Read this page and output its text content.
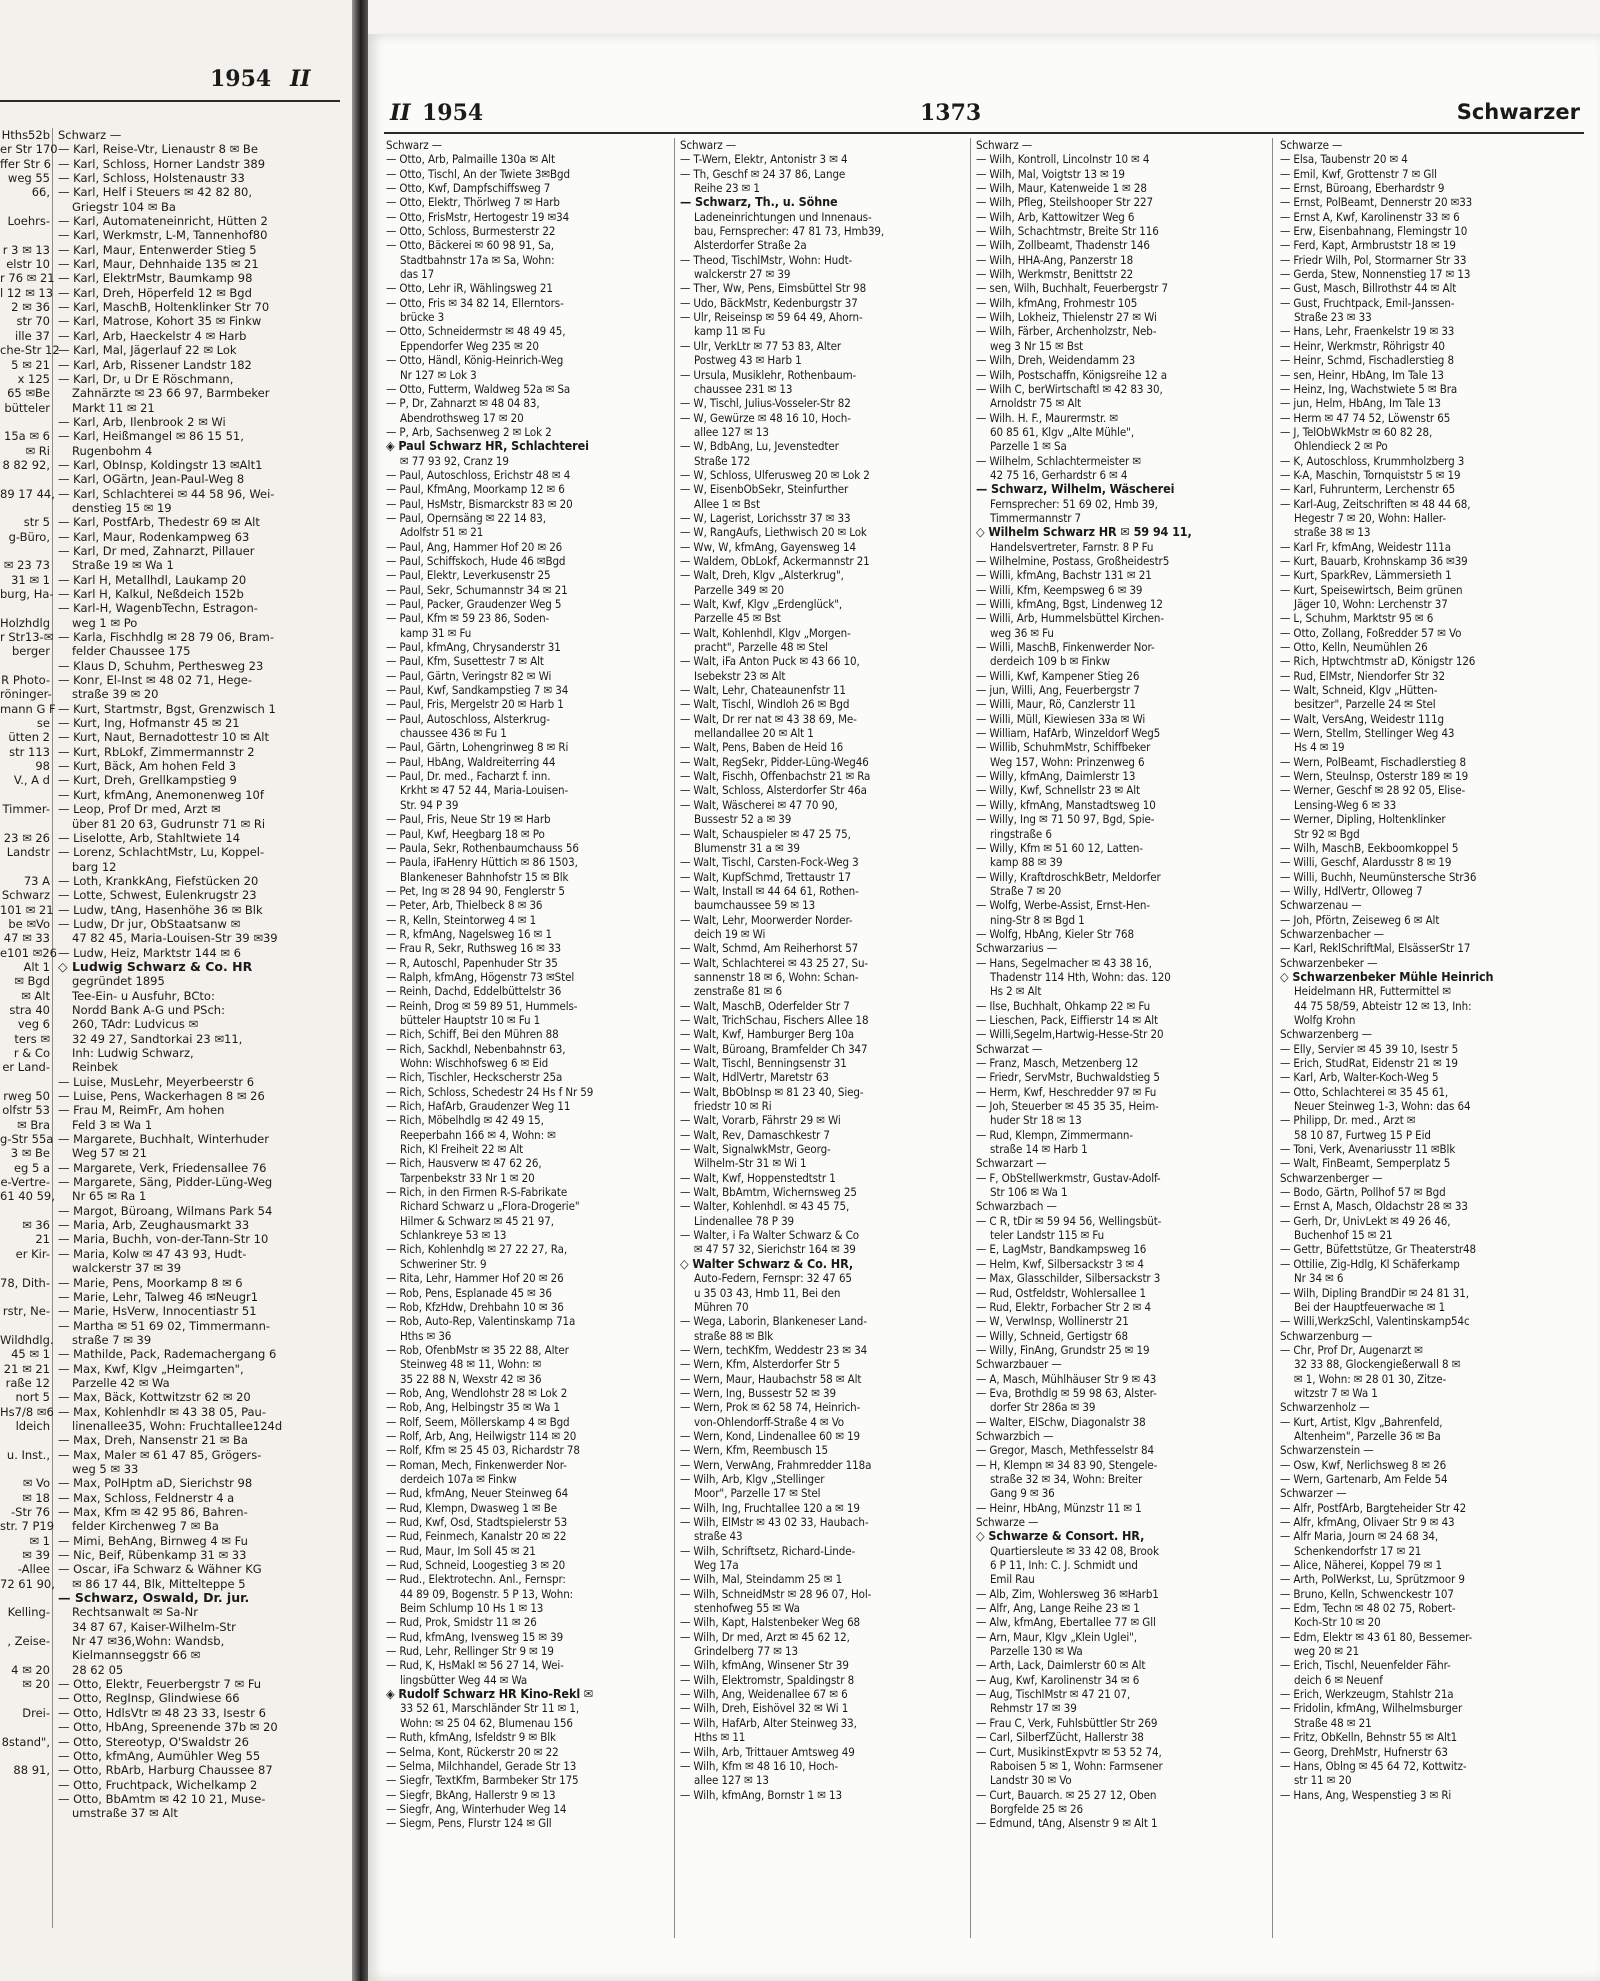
1954 II
Hths52b
er Str 170
ffer Str 6
weg 55
66,
Loehrs-
r 3 ✉ 13
elstr 10
r 76 ✉ 21
l 12 ✉ 13
2 ✉ 36
str 70
ille 37
che-Str 12
5 ✉ 21
x 125
65 ✉Be
bütteler
15a ✉ 6
✉ Ri
8 82 92,
89 17 44,
str 5
g-Büro,
✉ 23 73
31 ✉ 1
burg, Ha-
Holzhdlg
r Str13-✉
berger
R Photo-
röninger-
mann G F
se
ütten 2
str 113
98
V., A d
Timmer-
23 ✉ 26
Landstr
73 A
Schwarz
101 ✉ 21
be ✉Vo
47 ✉ 33
e101 ✉26
Alt 1
✉ Bgd
✉ Alt
stra 40
veg 6
ters ✉
r & Co
er Land-
rweg 50
olfstr 53
✉ Bra
g-Str 55a
3 ✉ Be
eg 5 a
e-Vertre-
61 40 59,
✉ 36
21
er Kir-
78, Dith-
rstr, Ne-
Wildhdlg.
45 ✉ 1
21 ✉ 21
raße 12
nort 5
Hs7/8 ✉6
ldeich
u. Inst.,
✉ Vo
✉ 18
-Str 76
str. 7 P19
✉ 1
✉ 39
-Allee
72 61 90,
Kelling-
, Zeise-
4 ✉ 20
✉ 20
Drei-
8stand",
88 91,
Schwarz —
— Karl, Reise-Vtr, Lienaustr 8 ✉ Be
— Karl, Schloss, Horner Landstr 389
— Karl, Schloss, Holstenaustr 33
— Karl, Helf i Steuers ✉ 42 82 80,
Griegstr 104 ✉ Ba
— Karl, Automateneinricht, Hütten 2
— Karl, Werkmstr, L-M, Tannenhof80
— Karl, Maur, Entenwerder Stieg 5
— Karl, Maur, Dehnhaide 135 ✉ 21
— Karl, ElektrMstr, Baumkamp 98
— Karl, Dreh, Höperfeld 12 ✉ Bgd
— Karl, MaschB, Holtenklinker Str 70
— Karl, Matrose, Kohort 35 ✉ Finkw
— Karl, Arb, Haeckelstr 4 ✉ Harb
— Karl, Mal, Jägerlauf 22 ✉ Lok
— Karl, Arb, Rissener Landstr 182
— Karl, Dr, u Dr E Röschmann,
Zahnärzte ✉ 23 66 97, Barmbeker
Markt 11 ✉ 21
— Karl, Arb, Ilenbrook 2 ✉ Wi
— Karl, Heißmangel ✉ 86 15 51,
Rugenbohm 4
— Karl, ObInsp, Koldingstr 13 ✉Alt1
— Karl, OGärtn, Jean-Paul-Weg 8
— Karl, Schlachterei ✉ 44 58 96, Wei-
denstieg 15 ✉ 19
— Karl, PostfArb, Thedestr 69 ✉ Alt
— Karl, Maur, Rodenkampweg 63
— Karl, Dr med, Zahnarzt, Pillauer
Straße 19 ✉ Wa 1
— Karl H, Metallhdl, Laukamp 20
— Karl H, Kalkul, Neßdeich 152b
— Karl-H, WagenbTechn, Estragon-
weg 1 ✉ Po
— Karla, Fischhdlg ✉ 28 79 06, Bram-
felder Chaussee 175
— Klaus D, Schuhm, Perthesweg 23
— Konr, El-Inst ✉ 48 02 71, Hege-
straße 39 ✉ 20
— Kurt, Startmstr, Bgst, Grenzwisch 1
— Kurt, Ing, Hofmanstr 45 ✉ 21
— Kurt, Naut, Bernadottestr 10 ✉ Alt
— Kurt, RbLokf, Zimmermannstr 2
— Kurt, Bäck, Am hohen Feld 3
— Kurt, Dreh, Grellkampstieg 9
— Kurt, kfmAng, Anemonenweg 10f
— Leop, Prof Dr med, Arzt ✉
über 81 20 63, Gudrunstr 71 ✉ Ri
— Liselotte, Arb, Stahltwiete 14
— Lorenz, SchlachtMstr, Lu, Koppel-
barg 12
— Loth, KrankkAng, Fiefstücken 20
— Lotte, Schwest, Eulenkrugstr 23
— Ludw, tAng, Hasenhöhe 36 ✉ Blk
— Ludw, Dr jur, ObStaatsanw ✉
47 82 45, Maria-Louisen-Str 39 ✉39
— Ludw, Heiz, Marktstr 144 ✉ 6
◇ Ludwig Schwarz & Co. HR
gegründet 1895
Tee-Ein- u Ausfuhr, BCto:
Nordd Bank A-G und PSch:
260, TAdr: Ludvicus ✉
32 49 27, Sandtorkai 23 ✉11,
Inh: Ludwig Schwarz,
Reinbek
— Luise, MusLehr, Meyerbeerstr 6
— Luise, Pens, Wackerhagen 8 ✉ 26
— Frau M, ReimFr, Am hohen
Feld 3 ✉ Wa 1
— Margarete, Buchhalt, Winterhuder
Weg 57 ✉ 21
— Margarete, Verk, Friedensallee 76
— Margarete, Säng, Pidder-Lüng-Weg
Nr 65 ✉ Ra 1
— Margot, Büroang, Wilmans Park 54
— Maria, Arb, Zeughausmarkt 33
— Maria, Buchh, von-der-Tann-Str 10
— Maria, Kolw ✉ 47 43 93, Hudt-
walckerstr 37 ✉ 39
— Marie, Pens, Moorkamp 8 ✉ 6
— Marie, Lehr, Talweg 46 ✉Neugr1
— Marie, HsVerw, Innocentiastr 51
— Martha ✉ 51 69 02, Timmermann-
straße 7 ✉ 39
— Mathilde, Pack, Rademachergang 6
— Max, Kwf, Klgv „Heimgarten",
Parzelle 42 ✉ Wa
— Max, Bäck, Kottwitzstr 62 ✉ 20
— Max, Kohlenhdlr ✉ 43 38 05, Pau-
linenallee35, Wohn: Fruchtallee124d
— Max, Dreh, Nansenstr 21 ✉ Ba
— Max, Maler ✉ 61 47 85, Grögers-
weg 5 ✉ 33
— Max, PolHptm aD, Sierichstr 98
— Max, Schloss, Feldnerstr 4 a
— Max, Kfm ✉ 42 95 86, Bahren-
felder Kirchenweg 7 ✉ Ba
— Mimi, BehAng, Birnweg 4 ✉ Fu
— Nic, Beif, Rübenkamp 31 ✉ 33
— Oscar, iFa Schwarz & Wähner KG
✉ 86 17 44, Blk, Mittelteppe 5
— Schwarz, Oswald, Dr. jur.
Rechtsanwalt ✉ Sa-Nr
34 87 67, Kaiser-Wilhelm-Str
Nr 47 ✉36,Wohn: Wandsb,
Kielmannseggstr 66 ✉
28 62 05
— Otto, Elektr, Feuerbergstr 7 ✉ Fu
— Otto, RegInsp, Glindwiese 66
— Otto, HdlsVtr ✉ 48 23 33, Isestr 6
— Otto, HbAng, Spreenende 37b ✉ 20
— Otto, Stereotyp, O'Swaldstr 26
— Otto, kfmAng, Aumühler Weg 55
— Otto, RbArb, Harburg Chaussee 87
— Otto, Fruchtpack, Wichelkamp 2
— Otto, BbAmtm ✉ 42 10 21, Muse-
umstraße 37 ✉ Alt
II 1954	1373	Schwarzer
Schwarz —
— Otto, Arb, Palmaille 130a ✉ Alt
— Otto, Tischl, An der Twiete 3✉Bgd
— Otto, Kwf, Dampfschiffsweg 7
— Otto, Elektr, Thörlweg 7 ✉ Harb
— Otto, FrisMstr, Hertogestr 19 ✉34
— Otto, Schloss, Burmesterstr 22
— Otto, Bäckerei ✉ 60 98 91, Sa,
Stadtbahnstr 17a ✉ Sa, Wohn:
das 17
— Otto, Lehr iR, Wählingsweg 21
— Otto, Fris ✉ 34 82 14, Ellerntors-
brücke 3
— Otto, Schneidermstr ✉ 48 49 45,
Eppendorfer Weg 235 ✉ 20
— Otto, Händl, König-Heinrich-Weg
Nr 127 ✉ Lok 3
— Otto, Futterm, Waldweg 52a ✉ Sa
— P, Dr, Zahnarzt ✉ 48 04 83,
Abendrothsweg 17 ✉ 20
— P, Arb, Sachsenweg 2 ✉ Lok 2
◈ Paul Schwarz HR, Schlachterei
✉ 77 93 92, Cranz 19
— Paul, Autoschloss, Erichstr 48 ✉ 4
— Paul, KfmAng, Moorkamp 12 ✉ 6
— Paul, HsMstr, Bismarckstr 83 ✉ 20
— Paul, Opernsäng ✉ 22 14 83,
Adolfstr 51 ✉ 21
— Paul, Ang, Hammer Hof 20 ✉ 26
— Paul, Schiffskoch, Hude 46 ✉Bgd
— Paul, Elektr, Leverkusenstr 25
— Paul, Sekr, Schumannstr 34 ✉ 21
— Paul, Packer, Graudenzer Weg 5
— Paul, Kfm ✉ 59 23 86, Soden-
kamp 31 ✉ Fu
— Paul, kfmAng, Chrysanderstr 31
— Paul, Kfm, Susettestr 7 ✉ Alt
— Paul, Gärtn, Veringstr 82 ✉ Wi
— Paul, Kwf, Sandkampstieg 7 ✉ 34
— Paul, Fris, Mergelstr 20 ✉ Harb 1
— Paul, Autoschloss, Alsterkrug-
chaussee 436 ✉ Fu 1
— Paul, Gärtn, Lohengrinweg 8 ✉ Ri
— Paul, HbAng, Waldreiterring 44
— Paul, Dr. med., Facharzt f. inn.
Krkht ✉ 47 52 44, Maria-Louisen-
Str. 94 P 39
— Paul, Fris, Neue Str 19 ✉ Harb
— Paul, Kwf, Heegbarg 18 ✉ Po
— Paula, Sekr, Rothenbaumchauss 56
— Paula, iFaHenry Hüttich ✉ 86 1503,
Blankeneser Bahnhofstr 15 ✉ Blk
— Pet, Ing ✉ 28 94 90, Fenglerstr 5
— Peter, Arb, Thielbeck 8 ✉ 36
— R, Kelln, Steintorweg 4 ✉ 1
— R, kfmAng, Nagelsweg 16 ✉ 1
— Frau R, Sekr, Ruthsweg 16 ✉ 33
— R, Autoschl, Papenhuder Str 35
— Ralph, kfmAng, Högenstr 73 ✉Stel
— Reinh, Dachd, Eddelbüttelstr 36
— Reinh, Drog ✉ 59 89 51, Hummels-
bütteler Hauptstr 10 ✉ Fu 1
— Rich, Schiff, Bei den Mühren 88
— Rich, Sackhdl, Nebenbahnstr 63,
Wohn: Wischhofsweg 6 ✉ Eid
— Rich, Tischler, Heckscherstr 25a
— Rich, Schloss, Schedestr 24 Hs f Nr 59
— Rich, HafArb, Graudenzer Weg 11
— Rich, Möbelhdlg ✉ 42 49 15,
Reeperbahn 166 ✉ 4, Wohn: ✉
Rich, Kl Freiheit 22 ✉ Alt
— Rich, Hausverw ✉ 47 62 26,
Tarpenbekstr 33 Nr 1 ✉ 20
— Rich, in den Firmen R-S-Fabrikate
Richard Schwarz u „Flora-Drogerie"
Hilmer & Schwarz ✉ 45 21 97,
Schlankreye 53 ✉ 13
— Rich, Kohlenhdlg ✉ 27 22 27, Ra,
Schweriner Str. 9
— Rita, Lehr, Hammer Hof 20 ✉ 26
— Rob, Pens, Esplanade 45 ✉ 36
— Rob, KfzHdw, Drehbahn 10 ✉ 36
— Rob, Auto-Rep, Valentinskamp 71a
Hths ✉ 36
— Rob, OfenbMstr ✉ 35 22 88, Alter
Steinweg 48 ✉ 11, Wohn: ✉
35 22 88 N, Wexstr 42 ✉ 36
— Rob, Ang, Wendlohstr 28 ✉ Lok 2
— Rob, Ang, Helbingstr 35 ✉ Wa 1
— Rolf, Seem, Möllerskamp 4 ✉ Bgd
— Rolf, Arb, Ang, Heilwigstr 114 ✉ 20
— Rolf, Kfm ✉ 25 45 03, Richardstr 78
— Roman, Mech, Finkenwerder Nor-
derdeich 107a ✉ Finkw
— Rud, kfmAng, Neuer Steinweg 64
— Rud, Klempn, Dwasweg 1 ✉ Be
— Rud, Kwf, Osd, Stadtspielerstr 53
— Rud, Feinmech, Kanalstr 20 ✉ 22
— Rud, Maur, Im Soll 45 ✉ 21
— Rud, Schneid, Loogestieg 3 ✉ 20
— Rud., Elektrotechn. Anl., Fernspr:
44 89 09, Bogenstr. 5 P 13, Wohn:
Beim Schlump 10 Hs 1 ✉ 13
— Rud, Prok, Smidstr 11 ✉ 26
— Rud, kfmAng, Ivensweg 15 ✉ 39
— Rud, Lehr, Rellinger Str 9 ✉ 19
— Rud, K, HsMakl ✉ 56 27 14, Wei-
lingsbütter Weg 44 ✉ Wa
◈ Rudolf Schwarz HR Kino-Rekl ✉
33 52 61, Marschländer Str 11 ✉ 1,
Wohn: ✉ 25 04 62, Blumenau 156
— Ruth, kfmAng, Isfeldstr 9 ✉ Blk
— Selma, Kont, Rückerstr 20 ✉ 22
— Selma, Milchhandel, Gerade Str 13
— Siegfr, TextKfm, Barmbeker Str 175
— Siegfr, BkAng, Hallerstr 9 ✉ 13
— Siegfr, Ang, Winterhuder Weg 14
— Siegm, Pens, Flurstr 124 ✉ Gll
Schwarz —
— T-Wern, Elektr, Antonistr 3 ✉ 4
— Th, Geschf ✉ 24 37 86, Lange
Reihe 23 ✉ 1
— Schwarz, Th., u. Söhne
Ladeneinrichtungen und Innenaus-
bau, Fernsprecher: 47 81 73, Hmb39,
Alsterdorfer Straße 2a
— Theod, TischlMstr, Wohn: Hudt-
walckerstr 27 ✉ 39
— Ther, Ww, Pens, Eimsbüttel Str 98
— Udo, BäckMstr, Kedenburgstr 37
— Ulr, Reiseinsp ✉ 59 64 49, Ahorn-
kamp 11 ✉ Fu
— Ulr, VerkLtr ✉ 77 53 83, Alter
Postweg 43 ✉ Harb 1
— Ursula, Musiklehr, Rothenbaum-
chaussee 231 ✉ 13
— W, Tischl, Julius-Vosseler-Str 82
— W, Gewürze ✉ 48 16 10, Hoch-
allee 127 ✉ 13
— W, BdbAng, Lu, Jevenstedter
Straße 172
— W, Schloss, Ulferusweg 20 ✉ Lok 2
— W, EisenbObSekr, Steinfurther
Allee 1 ✉ Bst
— W, Lagerist, Lorichsstr 37 ✉ 33
— W, RangAufs, Liethwisch 20 ✉ Lok
— Ww, W, kfmAng, Gayensweg 14
— Waldem, ObLokf, Ackermannstr 21
— Walt, Dreh, Klgv „Alsterkrug",
Parzelle 349 ✉ 20
— Walt, Kwf, Klgv „Erdenglück",
Parzelle 45 ✉ Bst
— Walt, Kohlenhdl, Klgv „Morgen-
pracht", Parzelle 48 ✉ Stel
— Walt, iFa Anton Puck ✉ 43 66 10,
Isebekstr 23 ✉ Alt
— Walt, Lehr, Chateaunenfstr 11
— Walt, Tischl, Windloh 26 ✉ Bgd
— Walt, Dr rer nat ✉ 43 38 69, Me-
mellandallee 20 ✉ Alt 1
— Walt, Pens, Baben de Heid 16
— Walt, RegSekr, Pidder-Lüng-Weg46
— Walt, Fischh, Offenbachstr 21 ✉ Ra
— Walt, Schloss, Alsterdorfer Str 46a
— Walt, Wäscherei ✉ 47 70 90,
Bussestr 52 a ✉ 39
— Walt, Schauspieler ✉ 47 25 75,
Blumenstr 31 a ✉ 39
— Walt, Tischl, Carsten-Fock-Weg 3
— Walt, KupfSchmd, Trettaustr 17
— Walt, Install ✉ 44 64 61, Rothen-
baumchaussee 59 ✉ 13
— Walt, Lehr, Moorwerder Norder-
deich 19 ✉ Wi
— Walt, Schmd, Am Reiherhorst 57
— Walt, Schlachterei ✉ 43 25 27, Su-
sannenstr 18 ✉ 6, Wohn: Schan-
zenstraße 81 ✉ 6
— Walt, MaschB, Oderfelder Str 7
— Walt, TrichSchau, Fischers Allee 18
— Walt, Kwf, Hamburger Berg 10a
— Walt, Büroang, Bramfelder Ch 347
— Walt, Tischl, Benningsenstr 31
— Walt, HdlVertr, Maretstr 63
— Walt, BbObInsp ✉ 81 23 40, Sieg-
friedstr 10 ✉ Ri
— Walt, Vorarb, Fährstr 29 ✉ Wi
— Walt, Rev, Damaschkestr 7
— Walt, SignalwkMstr, Georg-
Wilhelm-Str 31 ✉ Wi 1
— Walt, Kwf, Hoppenstedtstr 1
— Walt, BbAmtm, Wichernsweg 25
— Walter, Kohlenhdl. ✉ 43 45 75,
Lindenallee 78 P 39
— Walter, i Fa Walter Schwarz & Co
✉ 47 57 32, Sierichstr 164 ✉ 39
◇ Walter Schwarz & Co. HR,
Auto-Federn, Fernspr: 32 47 65
u 35 03 43, Hmb 11, Bei den
Mühren 70
— Wega, Laborin, Blankeneser Land-
straße 88 ✉ Blk
— Wern, techKfm, Weddestr 23 ✉ 34
— Wern, Kfm, Alsterdorfer Str 5
— Wern, Maur, Haubachstr 58 ✉ Alt
— Wern, Ing, Bussestr 52 ✉ 39
— Wern, Prok ✉ 62 58 74, Heinrich-
von-Ohlendorff-Straße 4 ✉ Vo
— Wern, Kond, Lindenallee 60 ✉ 19
— Wern, Kfm, Reembusch 15
— Wern, VerwAng, Frahmredder 118a
— Wilh, Arb, Klgv „Stellinger
Moor", Parzelle 17 ✉ Stel
— Wilh, Ing, Fruchtallee 120 a ✉ 19
— Wilh, ElMstr ✉ 43 02 33, Haubach-
straße 43
— Wilh, Schriftsetz, Richard-Linde-
Weg 17a
— Wilh, Mal, Steindamm 25 ✉ 1
— Wilh, SchneidMstr ✉ 28 96 07, Hol-
stenhofweg 55 ✉ Wa
— Wilh, Kapt, Halstenbeker Weg 68
— Wilh, Dr med, Arzt ✉ 45 62 12,
Grindelberg 77 ✉ 13
— Wilh, kfmAng, Winsener Str 39
— Wilh, Elektromstr, Spaldingstr 8
— Wilh, Ang, Weidenallee 67 ✉ 6
— Wilh, Dreh, Eishövel 32 ✉ Wi 1
— Wilh, HafArb, Alter Steinweg 33,
Hths ✉ 11
— Wilh, Arb, Trittauer Amtsweg 49
— Wilh, Kfm ✉ 48 16 10, Hoch-
allee 127 ✉ 13
— Wilh, kfmAng, Bornstr 1 ✉ 13
Schwarz —
— Wilh, Kontroll, Lincolnstr 10 ✉ 4
— Wilh, Mal, Voigtstr 13 ✉ 19
— Wilh, Maur, Katenweide 1 ✉ 28
— Wilh, Pfleg, Steilshooper Str 227
— Wilh, Arb, Kattowitzer Weg 6
— Wilh, Schachtmstr, Breite Str 116
— Wilh, Zollbeamt, Thadenstr 146
— Wilh, HHA-Ang, Panzerstr 18
— Wilh, Werkmstr, Benittstr 22
— sen, Wilh, Buchhalt, Feuerbergstr 7
— Wilh, kfmAng, Frohmestr 105
— Wilh, Lokheiz, Thielenstr 27 ✉ Wi
— Wilh, Färber, Archenholzstr, Neb-
weg 3 Nr 15 ✉ Bst
— Wilh, Dreh, Weidendamm 23
— Wilh, Postschaffn, Königsreihe 12 a
— Wilh C, berWirtschaftl ✉ 42 83 30,
Arnoldstr 75 ✉ Alt
— Wilh. H. F., Maurermstr. ✉
60 85 61, Klgv „Alte Mühle",
Parzelle 1 ✉ Sa
— Wilhelm, Schlachtermeister ✉
42 75 16, Gerhardstr 6 ✉ 4
— Schwarz, Wilhelm, Wäscherei
Fernsprecher: 51 69 02, Hmb 39,
Timmermannstr 7
◇ Wilhelm Schwarz HR ✉ 59 94 11,
Handelsvertreter, Farnstr. 8 P Fu
— Wilhelmine, Postass, Großheidestr5
— Willi, kfmAng, Bachstr 131 ✉ 21
— Willi, Kfm, Keempsweg 6 ✉ 39
— Willi, kfmAng, Bgst, Lindenweg 12
— Willi, Arb, Hummelsbüttel Kirchen-
weg 36 ✉ Fu
— Willi, MaschB, Finkenwerder Nor-
derdeich 109 b ✉ Finkw
— Willi, Kwf, Kampener Stieg 26
— jun, Willi, Ang, Feuerbergstr 7
— Willi, Maur, Rö, Canzlerstr 11
— Willi, Müll, Kiewiesen 33a ✉ Wi
— William, HafArb, Winzeldorf Weg5
— Willib, SchuhmMstr, Schiffbeker
Weg 157, Wohn: Prinzenweg 6
— Willy, kfmAng, Daimlerstr 13
— Willy, Kwf, Schnellstr 23 ✉ Alt
— Willy, kfmAng, Manstadtsweg 10
— Willy, Ing ✉ 71 50 97, Bgd, Spie-
ringstraße 6
— Willy, Kfm ✉ 51 60 12, Latten-
kamp 88 ✉ 39
— Willy, KraftdroschkBetr, Meldorfer
Straße 7 ✉ 20
— Wolfg, Werbe-Assist, Ernst-Hen-
ning-Str 8 ✉ Bgd 1
— Wolfg, HbAng, Kieler Str 768
Schwarzarius —
— Hans, Segelmacher ✉ 43 38 16,
Thadenstr 114 Hth, Wohn: das. 120
Hs 2 ✉ Alt
— Ilse, Buchhalt, Ohkamp 22 ✉ Fu
— Lieschen, Pack, Eiffierstr 14 ✉ Alt
— Willi,Segelm,Hartwig-Hesse-Str 20
Schwarzat —
— Franz, Masch, Metzenberg 12
— Friedr, ServMstr, Buchwaldstieg 5
— Herm, Kwf, Heschredder 97 ✉ Fu
— Joh, Steuerber ✉ 45 35 35, Heim-
huder Str 18 ✉ 13
— Rud, Klempn, Zimmermann-
straße 14 ✉ Harb 1
Schwarzart —
— F, ObStellwerkmstr, Gustav-Adolf-
Str 106 ✉ Wa 1
Schwarzbach —
— C R, tDir ✉ 59 94 56, Wellingsbüt-
teler Landstr 115 ✉ Fu
— E, LagMstr, Bandkampsweg 16
— Helm, Kwf, Silbersackstr 3 ✉ 4
— Max, Glasschilder, Silbersackstr 3
— Rud, Ostfeldstr, Wohlersallee 1
— Rud, Elektr, Forbacher Str 2 ✉ 4
— W, VerwInsp, Wollinerstr 21
— Willy, Schneid, Gertigstr 68
— Willy, FinAng, Grundstr 25 ✉ 19
Schwarzbauer —
— A, Masch, Mühlhäuser Str 9 ✉ 43
— Eva, Brothdlg ✉ 59 98 63, Alster-
dorfer Str 286a ✉ 39
— Walter, ElSchw, Diagonalstr 38
Schwarzbich —
— Gregor, Masch, Methfesselstr 84
— H, Klempn ✉ 34 83 90, Stengele-
straße 32 ✉ 34, Wohn: Breiter
Gang 9 ✉ 36
— Heinr, HbAng, Münzstr 11 ✉ 1
Schwarze —
◇ Schwarze & Consort. HR,
Quartiersleute ✉ 33 42 08, Brook
6 P 11, Inh: C. J. Schmidt und
Emil Rau
— Alb, Zim, Wohlersweg 36 ✉Harb1
— Alfr, Ang, Lange Reihe 23 ✉ 1
— Alw, kfmAng, Ebertallee 77 ✉ Gll
— Arn, Maur, Klgv „Klein Uglei",
Parzelle 130 ✉ Wa
— Arth, Lack, Daimlerstr 60 ✉ Alt
— Aug, Kwf, Karolinenstr 34 ✉ 6
— Aug, TischlMstr ✉ 47 21 07,
Rehmstr 17 ✉ 39
— Frau C, Verk, Fuhlsbüttler Str 269
— Carl, SilberfZücht, Hallerstr 38
— Curt, MusikinstExpvtr ✉ 53 52 74,
Raboisen 5 ✉ 1, Wohn: Farmsener
Landstr 30 ✉ Vo
— Curt, Bauarch. ✉ 25 27 12, Oben
Borgfelde 25 ✉ 26
— Edmund, tAng, Alsenstr 9 ✉ Alt 1
Schwarze —
— Elsa, Taubenstr 20 ✉ 4
— Emil, Kwf, Grottenstr 7 ✉ Gll
— Ernst, Büroang, Eberhardstr 9
— Ernst, PolBeamt, Dennerstr 20 ✉33
— Ernst A, Kwf, Karolinenstr 33 ✉ 6
— Erw, Eisenbahnang, Flemingstr 10
— Ferd, Kapt, Armbruststr 18 ✉ 19
— Friedr Wilh, Pol, Stormarner Str 33
— Gerda, Stew, Nonnenstieg 17 ✉ 13
— Gust, Masch, Billrothstr 44 ✉ Alt
— Gust, Fruchtpack, Emil-Janssen-
Straße 23 ✉ 33
— Hans, Lehr, Fraenkelstr 19 ✉ 33
— Heinr, Werkmstr, Röhrigstr 40
— Heinr, Schmd, Fischadlerstieg 8
— sen, Heinr, HbAng, Im Tale 13
— Heinz, Ing, Wachstwiete 5 ✉ Bra
— jun, Helm, HbAng, Im Tale 13
— Herm ✉ 47 74 52, Löwenstr 65
— J, TelObWkMstr ✉ 60 82 28,
Ohlendieck 2 ✉ Po
— K, Autoschloss, Krummholzberg 3
— K-A, Maschin, Tornquiststr 5 ✉ 19
— Karl, Fuhrunterm, Lerchenstr 65
— Karl-Aug, Zeitschriften ✉ 48 44 68,
Hegestr 7 ✉ 20, Wohn: Haller-
straße 38 ✉ 13
— Karl Fr, kfmAng, Weidestr 111a
— Kurt, Bauarb, Krohnskamp 36 ✉39
— Kurt, SparkRev, Lämmersieth 1
— Kurt, Speisewirtsch, Beim grünen
Jäger 10, Wohn: Lerchenstr 37
— L, Schuhm, Marktstr 95 ✉ 6
— Otto, Zollang, Foßredder 57 ✉ Vo
— Otto, Kelln, Neumühlen 26
— Rich, Hptwchtmstr aD, Königstr 126
— Rud, ElMstr, Niendorfer Str 32
— Walt, Schneid, Klgv „Hütten-
besitzer", Parzelle 24 ✉ Stel
— Walt, VersAng, Weidestr 111g
— Wern, Stellm, Stellinger Weg 43
Hs 4 ✉ 19
— Wern, PolBeamt, Fischadlerstieg 8
— Wern, Steulnsp, Osterstr 189 ✉ 19
— Werner, Geschf ✉ 28 92 05, Elise-
Lensing-Weg 6 ✉ 33
— Werner, Dipling, Holtenklinker
Str 92 ✉ Bgd
— Wilh, MaschB, Eekboomkoppel 5
— Willi, Geschf, Alardusstr 8 ✉ 19
— Willi, Buchh, Neumünstersche Str36
— Willy, HdlVertr, Olloweg 7
Schwarzenau —
— Joh, Pförtn, Zeiseweg 6 ✉ Alt
Schwarzenbacher —
— Karl, ReklSchriftMal, ElsässerStr 17
Schwarzenbeker —
◇ Schwarzenbeker Mühle Heinrich
Heidelmann HR, Futtermittel ✉
44 75 58/59, Abteistr 12 ✉ 13, Inh:
Wolfg Krohn
Schwarzenberg —
— Elly, Servier ✉ 45 39 10, Isestr 5
— Erich, StudRat, Eidenstr 21 ✉ 19
— Karl, Arb, Walter-Koch-Weg 5
— Otto, Schlachterei ✉ 35 45 61,
Neuer Steinweg 1-3, Wohn: das 64
— Philipp, Dr. med., Arzt ✉
58 10 87, Furtweg 15 P Eid
— Toni, Verk, Avenariusstr 11 ✉Blk
— Walt, FinBeamt, Semperplatz 5
Schwarzenberger —
— Bodo, Gärtn, Pollhof 57 ✉ Bgd
— Ernst A, Masch, Oldachstr 28 ✉ 33
— Gerh, Dr, UnivLekt ✉ 49 26 46,
Buchenhof 15 ✉ 21
— Gettr, Büfettstütze, Gr Theaterstr48
— Ottilie, Zig-Hdlg, Kl Schäferkamp
Nr 34 ✉ 6
— Wilh, Dipling BrandDir ✉ 24 81 31,
Bei der Hauptfeuerwache ✉ 1
— Willi,WerkzSchl, Valentinskamp54c
Schwarzenburg —
— Chr, Prof Dr, Augenarzt ✉
32 33 88, Glockengießerwall 8 ✉
✉ 1, Wohn: ✉ 28 01 30, Zitze-
witzstr 7 ✉ Wa 1
Schwarzenholz —
— Kurt, Artist, Klgv „Bahrenfeld,
Altenheim", Parzelle 36 ✉ Ba
Schwarzenstein —
— Osw, Kwf, Nerlichsweg 8 ✉ 26
— Wern, Gartenarb, Am Felde 54
Schwarzer —
— Alfr, PostfArb, Bargteheider Str 42
— Alfr, kfmAng, Olivaer Str 9 ✉ 43
— Alfr Maria, Journ ✉ 24 68 34,
Schenkendorfstr 17 ✉ 21
— Alice, Näherei, Koppel 79 ✉ 1
— Arth, PolWerkst, Lu, Sprützmoor 9
— Bruno, Kelln, Schwenckestr 107
— Edm, Techn ✉ 48 02 75, Robert-
Koch-Str 10 ✉ 20
— Edm, Elektr ✉ 43 61 80, Bessemer-
weg 20 ✉ 21
— Erich, Tischl, Neuenfelder Fähr-
deich 6 ✉ Neuenf
— Erich, Werkzeugm, Stahlstr 21a
— Fridolin, kfmAng, Wilhelmsburger
Straße 48 ✉ 21
— Fritz, ObKelln, Behnstr 55 ✉ Alt1
— Georg, DrehMstr, Hufnerstr 63
— Hans, Oblng ✉ 45 64 72, Kottwitz-
str 11 ✉ 20
— Hans, Ang, Wespenstieg 3 ✉ Ri
